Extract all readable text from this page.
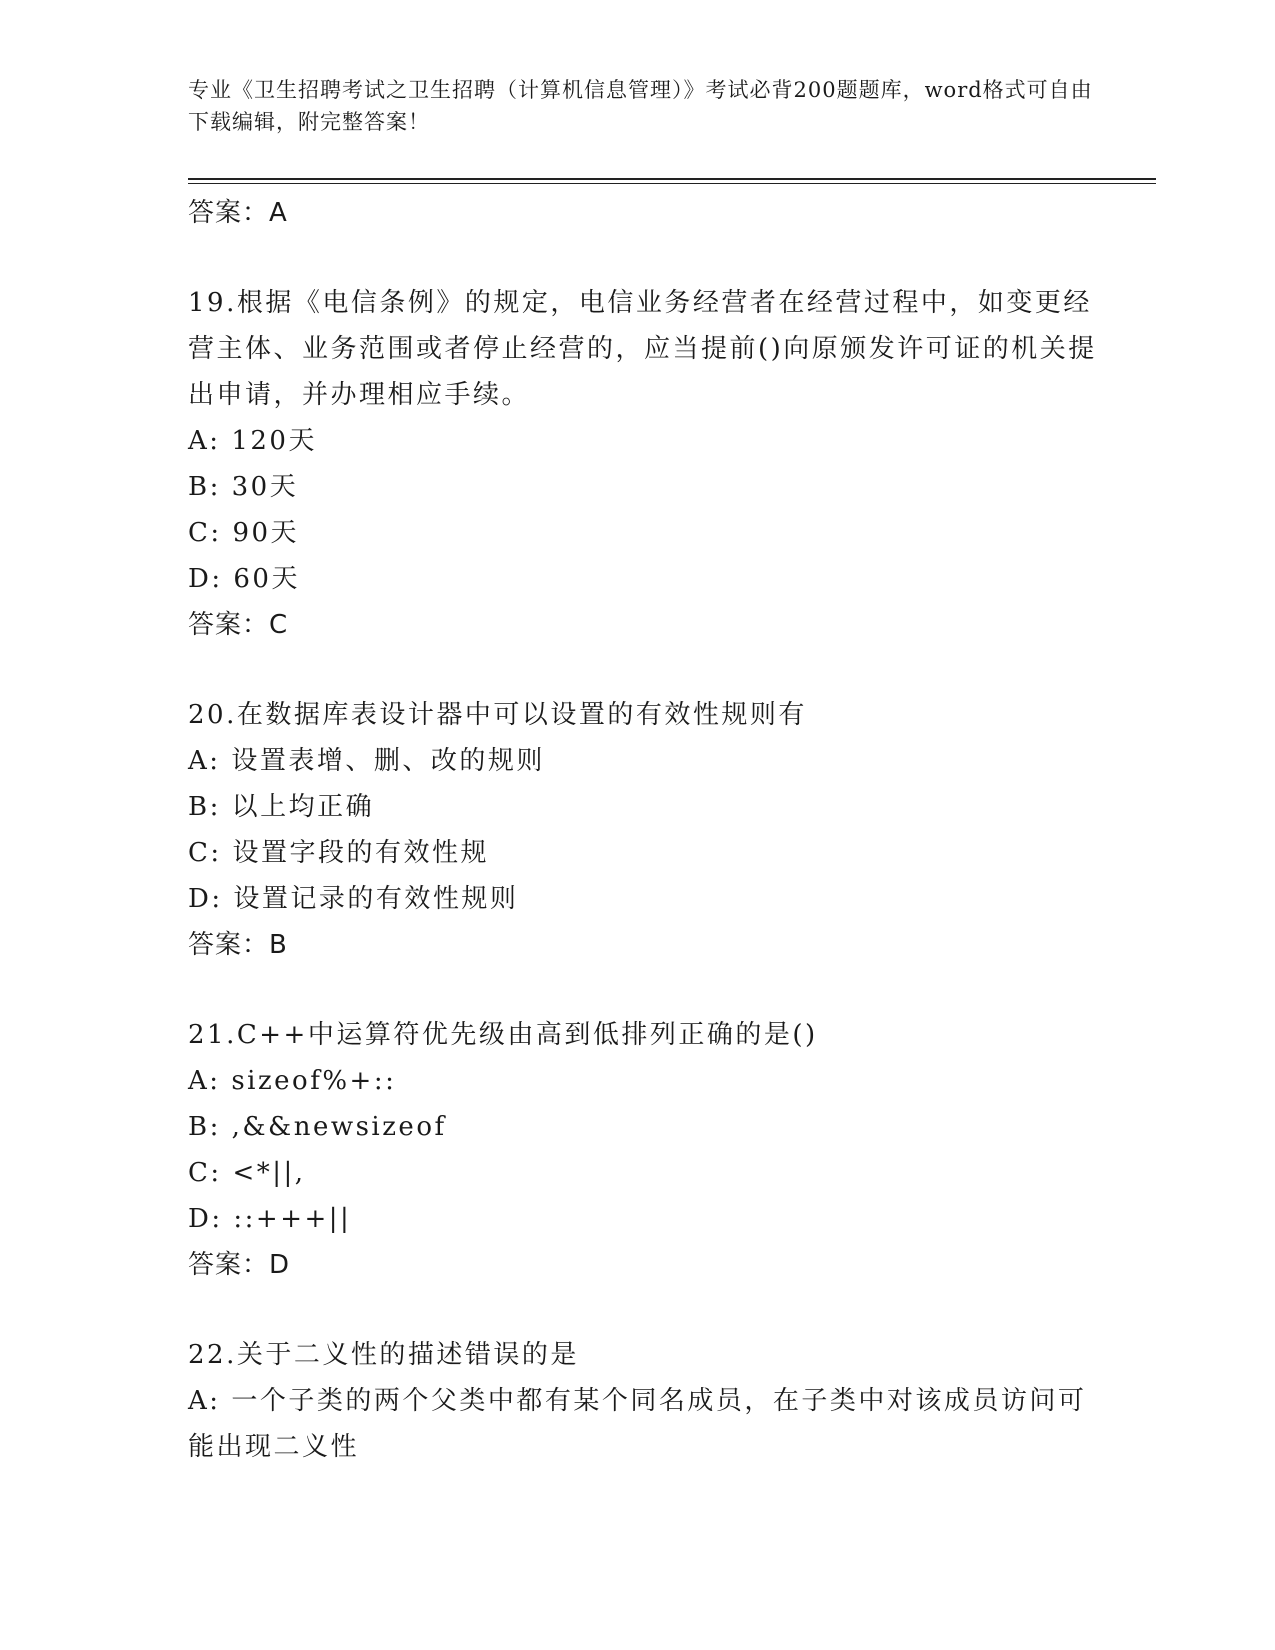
专业《卫生招聘考试之卫生招聘（计算机信息管理）》考试必背200题题库，word格式可自由下载编辑，附完整答案！
答案：A

19.根据《电信条例》的规定，电信业务经营者在经营过程中，如变更经营主体、业务范围或者停止经营的，应当提前()向原颁发许可证的机关提出申请，并办理相应手续。

A: 120天
B: 30天
C: 90天
D: 60天
答案：C

20.在数据库表设计器中可以设置的有效性规则有

A: 设置表增、删、改的规则
B: 以上均正确
C: 设置字段的有效性规
D: 设置记录的有效性规则
答案：B

21.C++中运算符优先级由高到低排列正确的是()

A: sizeof%+::
B: ,&&newsizeof
C: <*||,
D: ::+++||
答案：D

22.关于二义性的描述错误的是

A: 一个子类的两个父类中都有某个同名成员，在子类中对该成员访问可能出现二义性
